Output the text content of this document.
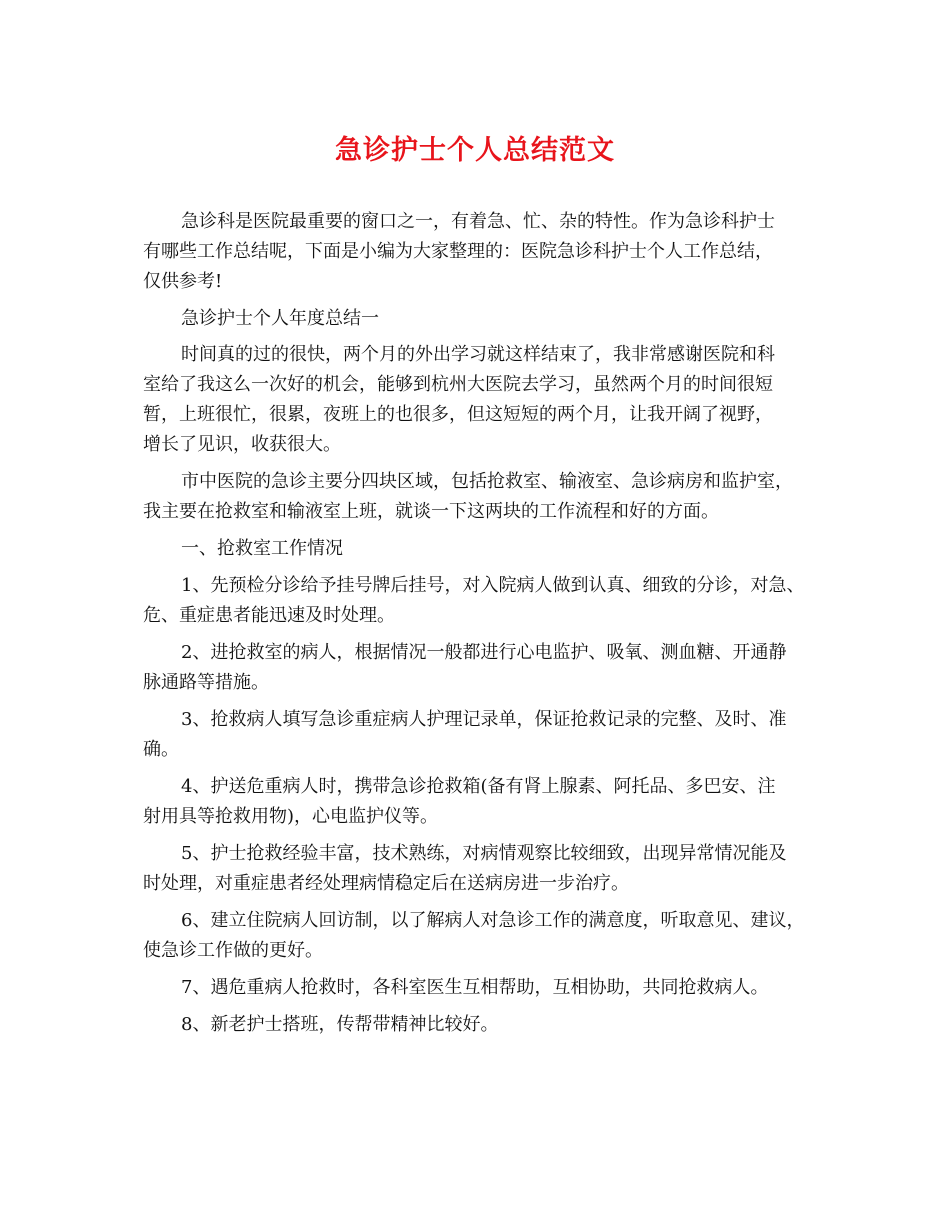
急诊护士个人总结范文

急诊科是医院最重要的窗口之一，有着急、忙、杂的特性。作为急诊科护士
有哪些工作总结呢，下面是小编为大家整理的：医院急诊科护士个人工作总结，
仅供参考!

急诊护士个人年度总结一

时间真的过的很快，两个月的外出学习就这样结束了，我非常感谢医院和科
室给了我这么一次好的机会，能够到杭州大医院去学习，虽然两个月的时间很短
暂，上班很忙，很累，夜班上的也很多，但这短短的两个月，让我开阔了视野，
增长了见识，收获很大。

市中医院的急诊主要分四块区域，包括抢救室、输液室、急诊病房和监护室，
我主要在抢救室和输液室上班，就谈一下这两块的工作流程和好的方面。

一、抢救室工作情况

1、先预检分诊给予挂号牌后挂号，对入院病人做到认真、细致的分诊，对急、
危、重症患者能迅速及时处理。

2、进抢救室的病人，根据情况一般都进行心电监护、吸氧、测血糖、开通静
脉通路等措施。

3、抢救病人填写急诊重症病人护理记录单，保证抢救记录的完整、及时、准
确。

4、护送危重病人时，携带急诊抢救箱(备有肾上腺素、阿托品、多巴安、注
射用具等抢救用物)，心电监护仪等。

5、护士抢救经验丰富，技术熟练，对病情观察比较细致，出现异常情况能及
时处理，对重症患者经处理病情稳定后在送病房进一步治疗。

6、建立住院病人回访制，以了解病人对急诊工作的满意度，听取意见、建议，
使急诊工作做的更好。

7、遇危重病人抢救时，各科室医生互相帮助，互相协助，共同抢救病人。

8、新老护士搭班，传帮带精神比较好。
